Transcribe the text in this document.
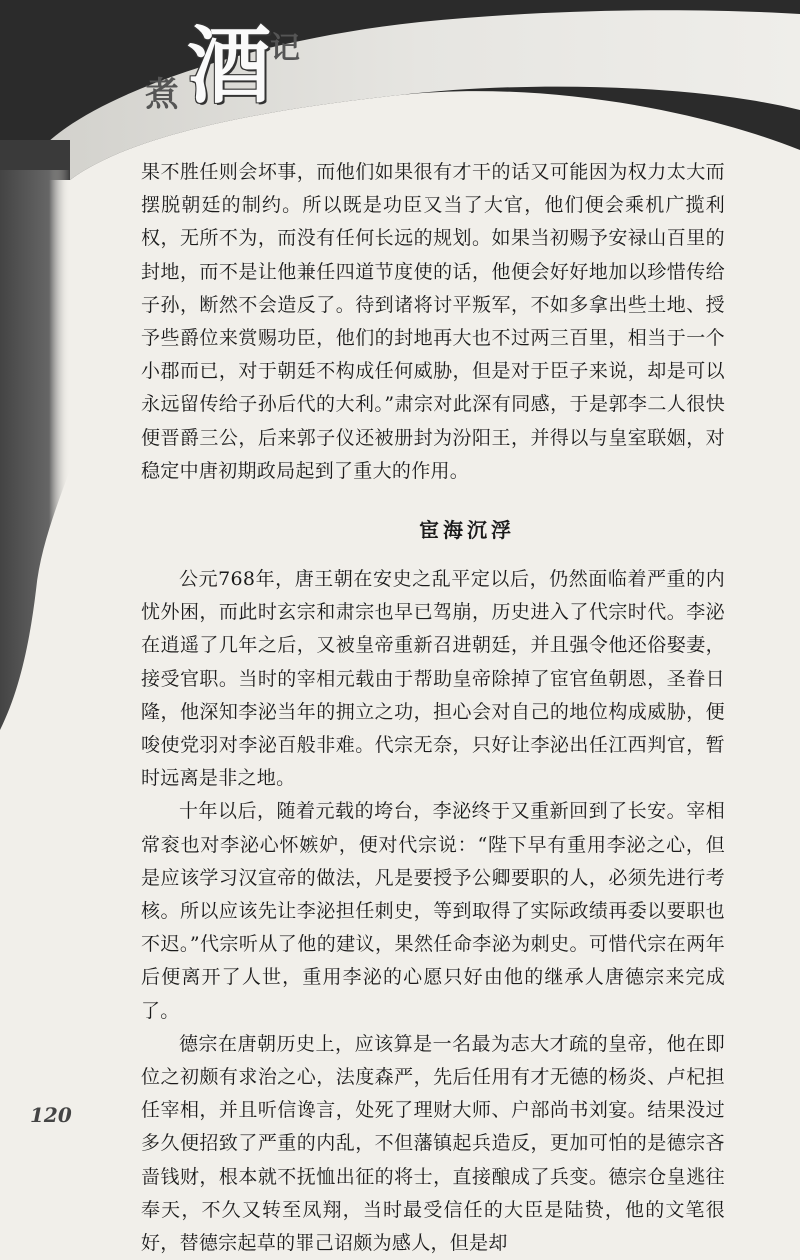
煮 酒
记

果不胜任则会坏事，而他们如果很有才干的话又可能因为权力太大而摆脱朝廷的制约。所以既是功臣又当了大官，他们便会乘机广揽利权，无所不为，而没有任何长远的规划。如果当初赐予安禄山百里的封地，而不是让他兼任四道节度使的话，他便会好好地加以珍惜传给子孙，断然不会造反了。待到诸将讨平叛军，不如多拿出些土地、授予些爵位来赏赐功臣，他们的封地再大也不过两三百里，相当于一个小郡而已，对于朝廷不构成任何威胁，但是对于臣子来说，却是可以永远留传给子孙后代的大利。”肃宗对此深有同感，于是郭李二人很快便晋爵三公，后来郭子仪还被册封为汾阳王，并得以与皇室联姻，对稳定中唐初期政局起到了重大的作用。

宦海沉浮

公元768年，唐王朝在安史之乱平定以后，仍然面临着严重的内忧外困，而此时玄宗和肃宗也早已驾崩，历史进入了代宗时代。李泌在逍遥了几年之后，又被皇帝重新召进朝廷，并且强令他还俗娶妻，接受官职。当时的宰相元载由于帮助皇帝除掉了宦官鱼朝恩，圣眷日隆，他深知李泌当年的拥立之功，担心会对自己的地位构成威胁，便唆使党羽对李泌百般非难。代宗无奈，只好让李泌出任江西判官，暂时远离是非之地。

十年以后，随着元载的垮台，李泌终于又重新回到了长安。宰相常衮也对李泌心怀嫉妒，便对代宗说：“陛下早有重用李泌之心，但是应该学习汉宣帝的做法，凡是要授予公卿要职的人，必须先进行考核。所以应该先让李泌担任刺史，等到取得了实际政绩再委以要职也不迟。”代宗听从了他的建议，果然任命李泌为刺史。可惜代宗在两年后便离开了人世，重用李泌的心愿只好由他的继承人唐德宗来完成了。

德宗在唐朝历史上，应该算是一名最为志大才疏的皇帝，他在即位之初颇有求治之心，法度森严，先后任用有才无德的杨炎、卢杞担任宰相，并且听信谗言，处死了理财大师、户部尚书刘宴。结果没过多久便招致了严重的内乱，不但藩镇起兵造反，更加可怕的是德宗吝啬钱财，根本就不抚恤出征的将士，直接酿成了兵变。德宗仓皇逃往奉天，不久又转至凤翔，当时最受信任的大臣是陆贽，他的文笔很好，替德宗起草的罪己诏颇为感人，但是却

120
